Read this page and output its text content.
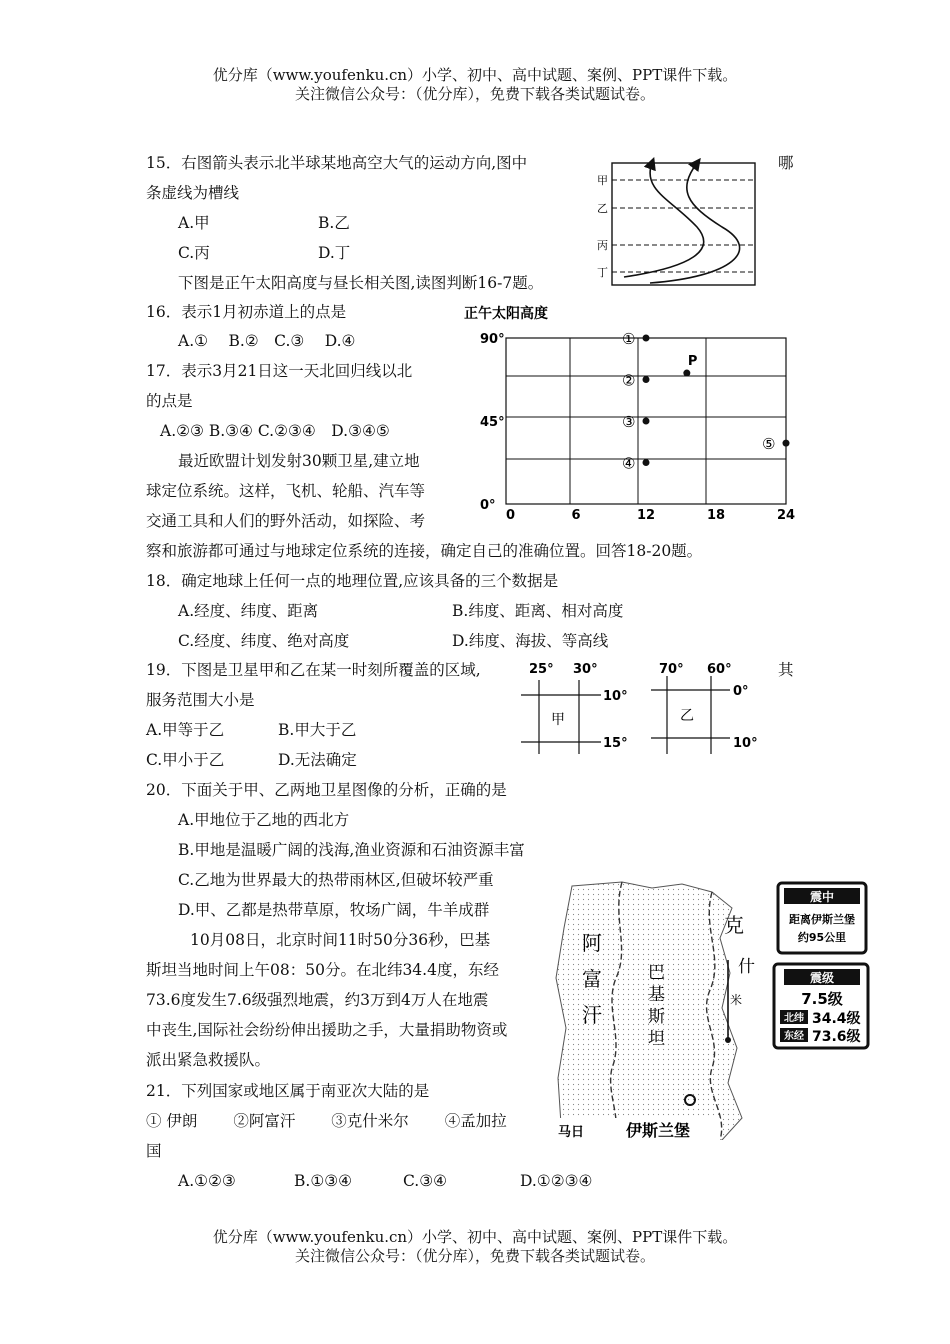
优分库（www.youfenku.cn）小学、初中、高中试题、案例、PPT课件下载。
关注微信公众号：（优分库），免费下载各类试题试卷。
15．右图箭头表示北半球某地高空大气的运动方向,图中	哪
条虚线为槽线
A.甲	B.乙
C.丙	D.丁
甲
乙
丙
丁
下图是正午太阳高度与昼长相关图,读图判断16-7题。
16．表示1月初赤道上的点是
A.①　 B.②　C.③　 D.④
17．表示3月21日这一天北回归线以北
的点是
A.②③ B.③④ C.②③④　D.③④⑤
正午太阳高度
90°
45°
0°
0	6	12	18	24
①
②
③
④
⑤
P
最近欧盟计划发射30颗卫星,建立地
球定位系统。这样，飞机、轮船、汽车等
交通工具和人们的野外活动，如探险、考
察和旅游都可通过与地球定位系统的连接，确定自己的准确位置。回答18-20题。
18．确定地球上任何一点的地理位置,应该具备的三个数据是
A.经度、纬度、距离	B.纬度、距离、相对高度
C.经度、纬度、绝对高度	D.纬度、海拔、等高线
19．下图是卫星甲和乙在某一时刻所覆盖的区域,	其
服务范围大小是
A.甲等于乙	B.甲大于乙
C.甲小于乙	D.无法确定
25° 30°
10°
15°
甲
70° 60°
0°
10°
乙
20．下面关于甲、乙两地卫星图像的分析，正确的是
A.甲地位于乙地的西北方
B.甲地是温暖广阔的浅海,渔业资源和石油资源丰富
C.乙地为世界最大的热带雨林区,但破坏较严重
D.甲、乙都是热带草原，牧场广阔，牛羊成群
10月08日，北京时间11时50分36秒，巴基
斯坦当地时间上午08：50分。在北纬34.4度，东经
73.6度发生7.6级强烈地震，约3万到4万人在地震
中丧生,国际社会纷纷伸出援助之手，大量捐助物资或
派出紧急救援队。
阿
富
汗
巴
基
斯
坦
克
什
米
马日	伊斯兰堡
震中
距离伊斯兰堡
约95公里
震级
7.5级
北纬 34.4级
东经 73.6级
21．下列国家或地区属于南亚次大陆的是
① 伊朗　　 ②阿富汗　　 ③克什米尔　　 ④孟加拉
国
A.①②③	B.①③④	C.③④	D.①②③④
优分库（www.youfenku.cn）小学、初中、高中试题、案例、PPT课件下载。
关注微信公众号：（优分库），免费下载各类试题试卷。
